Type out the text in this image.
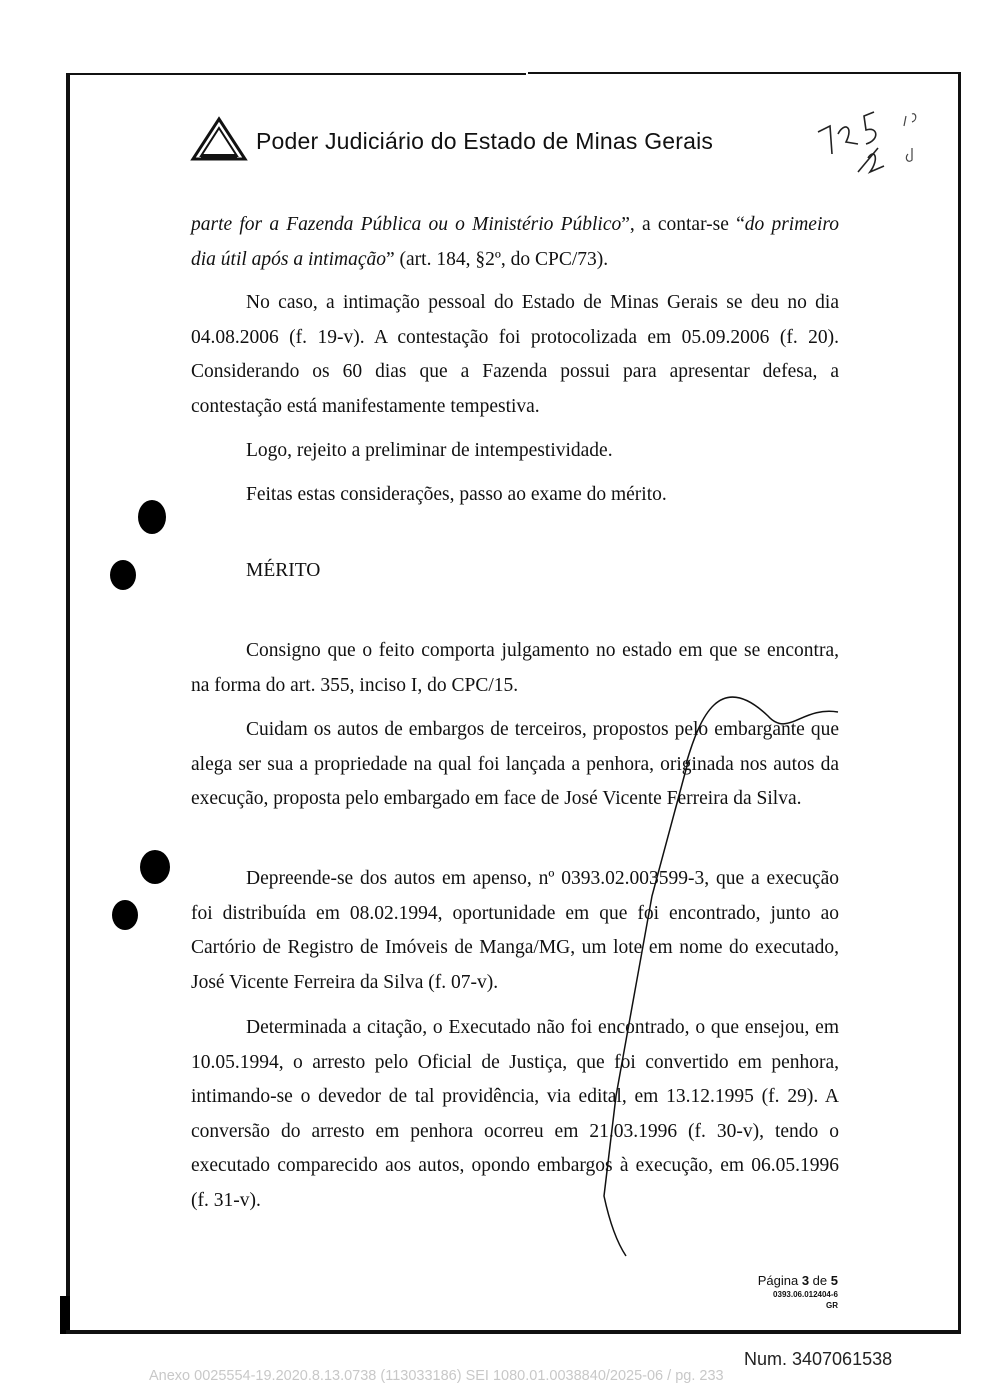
Poder Judiciário do Estado de Minas Gerais
parte for a Fazenda Pública ou o Ministério Público”, a contar-se “do primeiro dia útil após a intimação” (art. 184, §2º, do CPC/73).
No caso, a intimação pessoal do Estado de Minas Gerais se deu no dia 04.08.2006 (f. 19-v). A contestação foi protocolizada em 05.09.2006 (f. 20). Considerando os 60 dias que a Fazenda possui para apresentar defesa, a contestação está manifestamente tempestiva.
Logo, rejeito a preliminar de intempestividade.
Feitas estas considerações, passo ao exame do mérito.
MÉRITO
Consigno que o feito comporta julgamento no estado em que se encontra, na forma do art. 355, inciso I, do CPC/15.
Cuidam os autos de embargos de terceiros, propostos pelo embargante que alega ser sua a propriedade na qual foi lançada a penhora, originada nos autos da execução, proposta pelo embargado em face de José Vicente Ferreira da Silva.
Depreende-se dos autos em apenso, nº 0393.02.003599-3, que a execução foi distribuída em 08.02.1994, oportunidade em que foi encontrado, junto ao Cartório de Registro de Imóveis de Manga/MG, um lote em nome do executado, José Vicente Ferreira da Silva (f. 07-v).
Determinada a citação, o Executado não foi encontrado, o que ensejou, em 10.05.1994, o arresto pelo Oficial de Justiça, que foi convertido em penhora, intimando-se o devedor de tal providência, via edital, em 13.12.1995 (f. 29). A conversão do arresto em penhora ocorreu em 21.03.1996 (f. 30-v), tendo o executado comparecido aos autos, opondo embargos à execução, em 06.05.1996 (f. 31-v).
Página 3 de 5
0393.06.012404-6
GR
Num. 3407061538
Anexo 0025554-19.2020.8.13.0738 (113033186) SEI 1080.01.0038840/2025-06 / pg. 233
